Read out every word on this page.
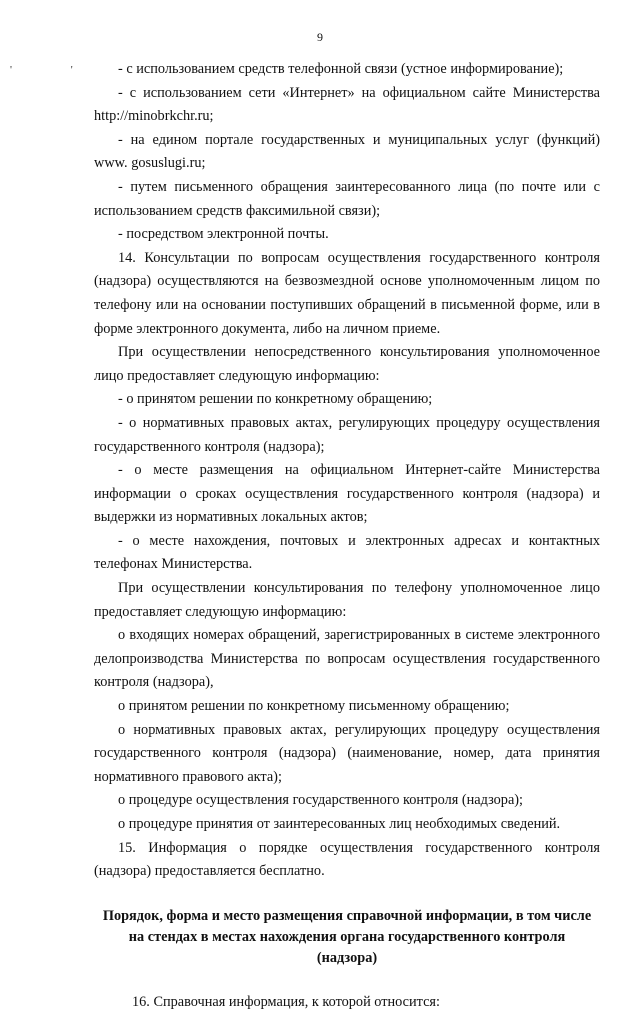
9
' '	- с использованием средств телефонной связи (устное информирование);

- с использованием сети «Интернет» на официальном сайте Министерства http://minobrkchr.ru;

- на едином портале государственных и муниципальных услуг (функций) www. gosuslugi.ru;

- путем письменного обращения заинтересованного лица (по почте или с использованием средств факсимильной связи);

- посредством электронной почты.

14. Консультации по вопросам осуществления государственного контроля (надзора) осуществляются на безвозмездной основе уполномоченным лицом по телефону или на основании поступивших обращений в письменной форме, или в форме электронного документа, либо на личном приеме.

При осуществлении непосредственного консультирования уполномоченное лицо предоставляет следующую информацию:

- о принятом решении по конкретному обращению;

- о нормативных правовых актах, регулирующих процедуру осуществления государственного контроля (надзора);

- о месте размещения на официальном Интернет-сайте Министерства информации о сроках осуществления государственного контроля (надзора) и выдержки из нормативных локальных актов;

- о месте нахождения, почтовых и электронных адресах и контактных телефонах Министерства.

При осуществлении консультирования по телефону уполномоченное лицо предоставляет следующую информацию:

о входящих номерах обращений, зарегистрированных в системе электронного делопроизводства Министерства по вопросам осуществления государственного контроля (надзора),

о принятом решении по конкретному письменному обращению;

о нормативных правовых актах, регулирующих процедуру осуществления государственного контроля (надзора) (наименование, номер, дата принятия нормативного правового акта);

о процедуре осуществления государственного контроля (надзора);

о процедуре принятия от заинтересованных лиц необходимых сведений.

15. Информация о порядке осуществления государственного контроля (надзора) предоставляется бесплатно.

Порядок, форма и место размещения справочной информации, в том числе на стендах в местах нахождения органа государственного контроля (надзора)

16. Справочная информация, к которой относится:
